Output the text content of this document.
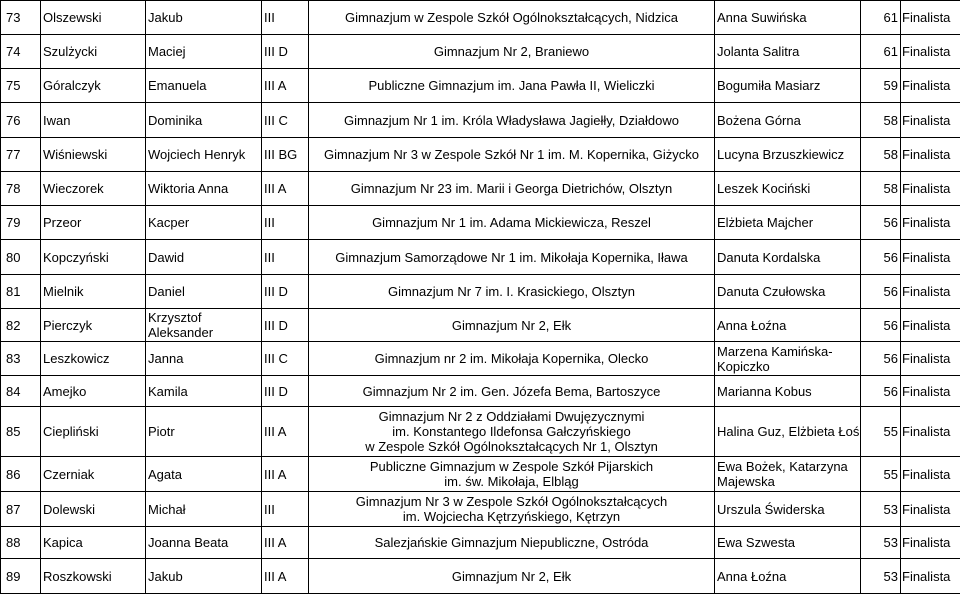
73	Olszewski	Jakub	III	Gimnazjum w Zespole Szkół Ogólnokształcących, Nidzica	Anna Suwińska	61	Finalista
74	Szulżycki	Maciej	III D	Gimnazjum Nr 2, Braniewo	Jolanta Salitra	61	Finalista
75	Góralczyk	Emanuela	III A	Publiczne Gimnazjum im. Jana Pawła II, Wieliczki	Bogumiła Masiarz	59	Finalista
76	Iwan	Dominika	III C	Gimnazjum Nr 1 im. Króla Władysława Jagiełły, Działdowo	Bożena Górna	58	Finalista
77	Wiśniewski	Wojciech Henryk	III BG	Gimnazjum Nr 3 w Zespole Szkół Nr 1 im. M. Kopernika, Giżycko	Lucyna Brzuszkiewicz	58	Finalista
78	Wieczorek	Wiktoria Anna	III A	Gimnazjum Nr 23 im. Marii i Georga Dietrichów, Olsztyn	Leszek Kociński	58	Finalista
79	Przeor	Kacper	III	Gimnazjum Nr 1 im. Adama Mickiewicza, Reszel	Elżbieta Majcher	56	Finalista
80	Kopczyński	Dawid	III	Gimnazjum Samorządowe Nr 1 im. Mikołaja Kopernika, Iława	Danuta Kordalska	56	Finalista
81	Mielnik	Daniel	III D	Gimnazjum Nr 7 im. I. Krasickiego, Olsztyn	Danuta Czułowska	56	Finalista
82	Pierczyk	Krzysztof Aleksander	III D	Gimnazjum Nr 2, Ełk	Anna Łoźna	56	Finalista
83	Leszkowicz	Janna	III C	Gimnazjum nr 2 im. Mikołaja Kopernika, Olecko	Marzena Kamińska-Kopiczko	56	Finalista
84	Amejko	Kamila	III D	Gimnazjum Nr 2 im. Gen. Józefa Bema, Bartoszyce	Marianna Kobus	56	Finalista
85	Ciepliński	Piotr	III A	Gimnazjum Nr 2 z Oddziałami Dwujęzycznymi
im. Konstantego Ildefonsa Gałczyńskiego
w Zespole Szkół Ogólnokształcących Nr 1, Olsztyn	Halina Guz, Elżbieta Łoś	55	Finalista
86	Czerniak	Agata	III A	Publiczne Gimnazjum w Zespole Szkół Pijarskich
im. św. Mikołaja, Elbląg	Ewa Bożek, Katarzyna Majewska	55	Finalista
87	Dolewski	Michał	III	Gimnazjum Nr 3 w Zespole Szkół Ogólnokształcących
im. Wojciecha Kętrzyńskiego, Kętrzyn	Urszula Świderska	53	Finalista
88	Kapica	Joanna Beata	III A	Salezjańskie Gimnazjum Niepubliczne, Ostróda	Ewa Szwesta	53	Finalista
89	Roszkowski	Jakub	III A	Gimnazjum Nr 2, Ełk	Anna Łoźna	53	Finalista
